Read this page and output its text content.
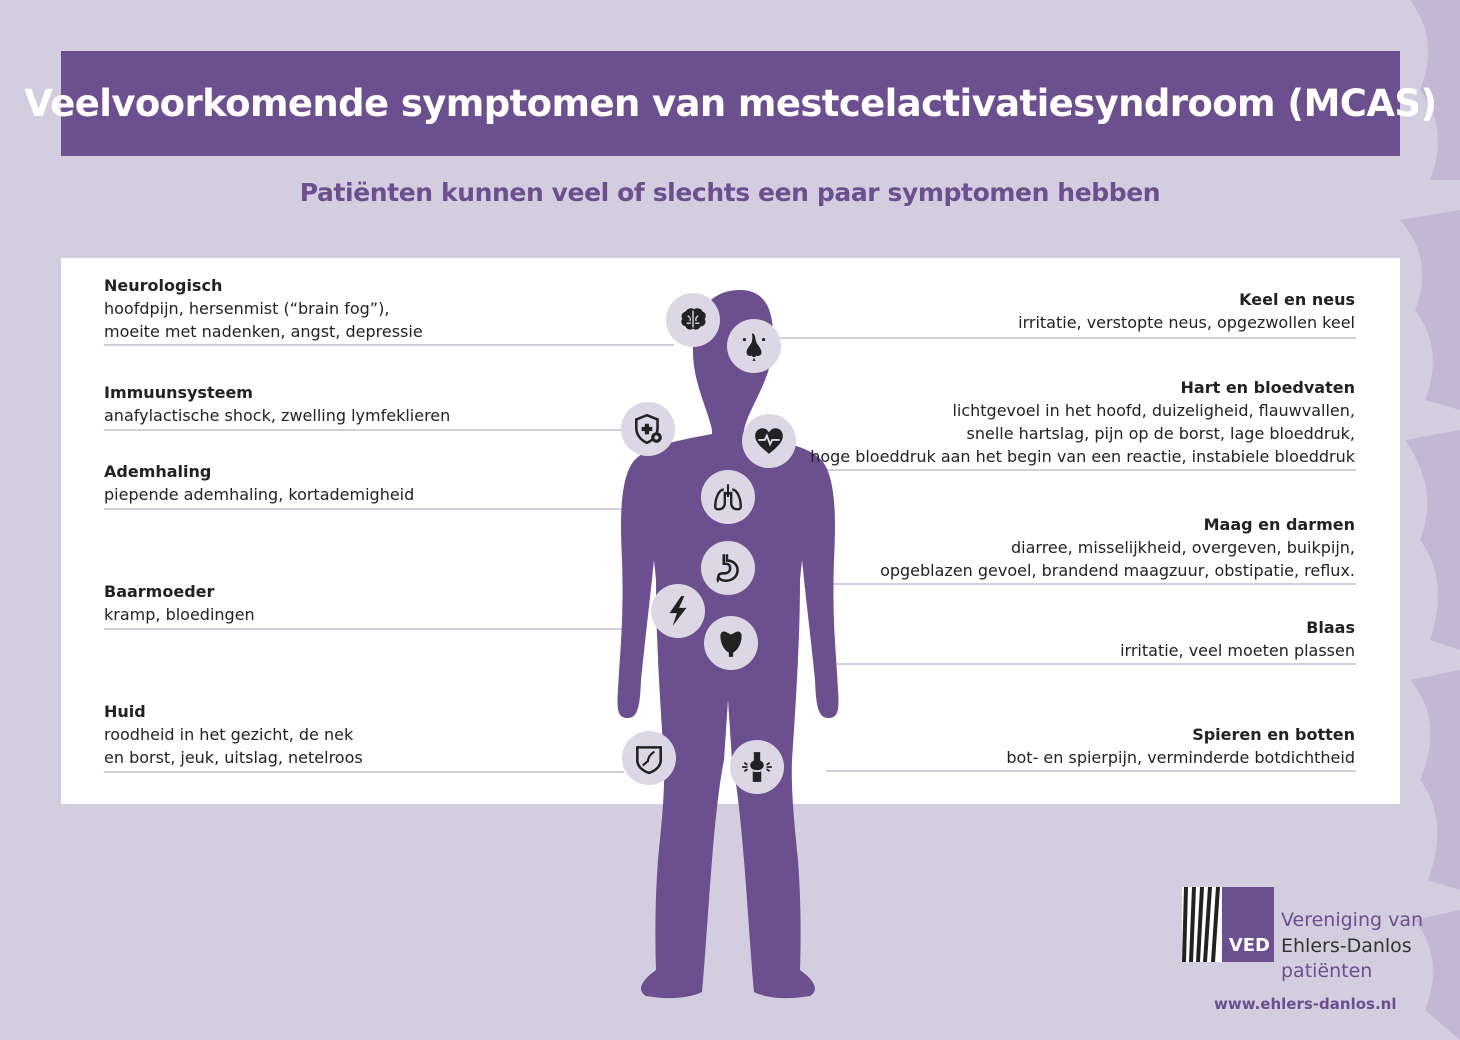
Veelvoorkomende symptomen van mestcelactivatiesyndroom (MCAS)
Patiënten kunnen veel of slechts een paar symptomen hebben
Neurologisch
hoofdpijn, hersenmist (“brain fog”),
moeite met nadenken, angst, depressie
Immuunsysteem
anafylactische shock, zwelling lymfeklieren
Ademhaling
piepende ademhaling, kortademigheid
Baarmoeder
kramp, bloedingen
Huid
roodheid in het gezicht, de nek
en borst, jeuk, uitslag, netelroos
Keel en neus
irritatie, verstopte neus, opgezwollen keel
Hart en bloedvaten
lichtgevoel in het hoofd, duizeligheid, flauwvallen,
snelle hartslag, pijn op de borst, lage bloeddruk,
hoge bloeddruk aan het begin van een reactie, instabiele bloeddruk
Maag en darmen
diarree, misselijkheid, overgeven, buikpijn,
opgeblazen gevoel, brandend maagzuur, obstipatie, reflux.
Blaas
irritatie, veel moeten plassen
Spieren en botten
bot- en spierpijn, verminderde botdichtheid
VED
Vereniging van
Ehlers-Danlos
patiënten
www.ehlers-danlos.nl
